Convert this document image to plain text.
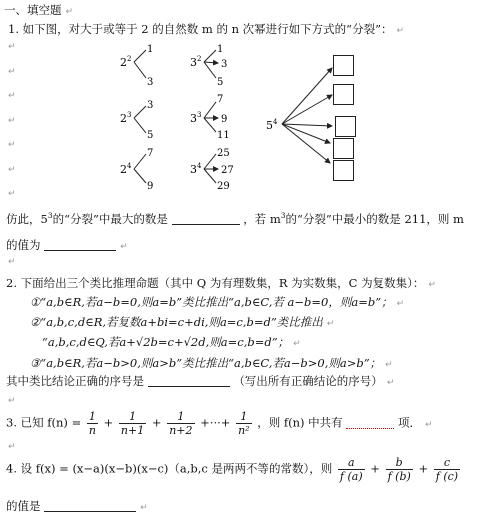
一、填空题 ↵
1. 如下图，对大于或等于 2 的自然数 m 的 n 次幂进行如下方式的“分裂”： ↵
↵
↵
↵
↵
↵
↵
↵
$2^2$
1
3
$3^2$
1
3
5
$2^3$
3
5
$3^3$
7
9
11
$2^4$
7
9
$3^4$
25
27
29
$5^4$
仿此，$5^3$的“分裂”中最大的数是	，若 $m^3$的“分裂”中最小的数是 211，则 m
的值为	↵
↵
2. 下面给出三个类比推理命题（其中 Q 为有理数集，R 为实数集，C 为复数集）： ↵
①“a,b∈R,若a−b=0,则a=b”类比推出“a,b∈C,若 a−b=0，则a=b”； ↵
②“a,b,c,d∈R,若复数a+bi=c+di,则a=c,b=d”类比推出 ↵
“a,b,c,d∈Q,若a+√2b=c+√2d,则a=c,b=d”； ↵
③“a,b∈R,若a−b>0,则a>b”类比推出“a,b∈C,若a−b>0,则a>b”； ↵
其中类比结论正确的序号是	（写出所有正确结论的序号） ↵
↵
3. 已知 $f(n) = \frac{1}{n} + \frac{1}{n+1} + \frac{1}{n+2}$ +···+ $\frac{1}{\text{n²}}$ ，则 f(n) 中共有	项． ↵
↵
4. 设 f(x) = (x−a)(x−b)(x−c)（a,b,c 是两两不等的常数），则 $\frac{a}{f (a)} + \frac{b}{f (b)} + \frac{c}{f (c)}$
的值是	↵
